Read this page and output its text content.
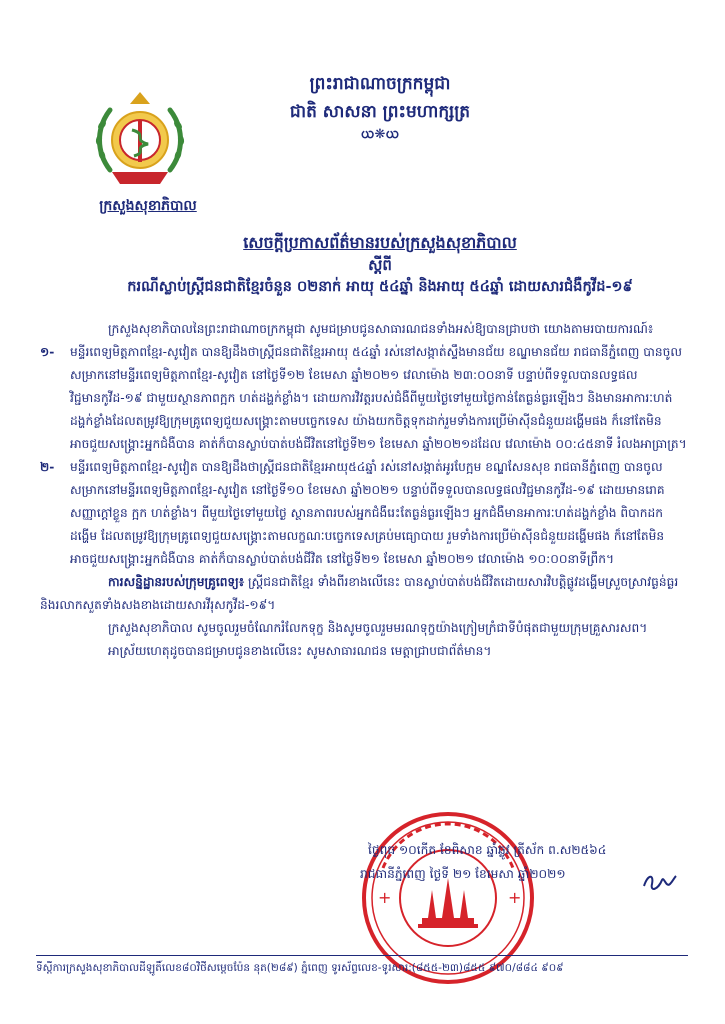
ក្រសួងសុខាភិបាល
ព្រះរាជាណាចក្រកម្ពុជា
ជាតិ សាសនា ព្រះមហាក្សត្រ
ᨿ❋ᨿ
សេចក្តីប្រកាសព័ត៌មានរបស់ក្រសួងសុខាភិបាល
ស្តីពី
ករណីស្លាប់ស្ត្រីជនជាតិខ្មែរចំនួន ០២នាក់ អាយុ ៥៤ឆ្នាំ និងអាយុ ៥៤ឆ្នាំ ដោយសារជំងឺកូវីដ-១៩

ក្រសួងសុខាភិបាលនៃព្រះរាជាណាចក្រកម្ពុជា សូមជម្រាបជូនសាធារណជនទាំងអស់ឱ្យបានជ្រាបថា យោងតាមរបាយការណ៍៖

១-	មន្ទីរពេទ្យមិត្តភាពខ្មែរ-សូវៀត បានឱ្យដឹងថាស្ត្រីជនជាតិខ្មែរអាយុ ៥៤ឆ្នាំ រស់នៅសង្កាត់ស្ទឹងមានជ័យ ខណ្ឌមានជ័យ រាជធានីភ្នំពេញ បានចូលសម្រាកនៅមន្ទីរពេទ្យមិត្តភាពខ្មែរ-សូវៀត នៅថ្ងៃទី១២ ខែមេសា ឆ្នាំ២០២១ វេលាម៉ោង ២៣:០០នាទី បន្ទាប់ពីទទួលបានលទ្ធផលវិជ្ជមានកូវីដ-១៩ ជាមួយស្ថានភាពក្អក ហត់ដង្ហក់ខ្លាំង។ ដោយការវិវត្តរបស់ជំងឺពីមួយថ្ងៃទៅមួយថ្ងៃកាន់តែធ្ងន់ធ្ងរឡើងៗ និងមានអាការៈហត់ដង្ហក់ខ្លាំងដែលតម្រូវឱ្យក្រុមគ្រូពេទ្យជួយសង្គ្រោះតាមបច្ចេកទេស យ៉ាងយកចិត្តទុកដាក់រួមទាំងការប្រើម៉ាស៊ីនជំនួយដង្ហើមផង ក៏នៅតែមិនអាចជួយសង្គ្រោះអ្នកជំងឺបាន គាត់ក៏បានស្លាប់បាត់បង់ជីវិតនៅថ្ងៃទី២១ ខែមេសា ឆ្នាំ២០២១ដដែល វេលាម៉ោង ០០:៤៥នាទី រំលងអាធ្រាត្រ។
២-	មន្ទីរពេទ្យមិត្តភាពខ្មែរ-សូវៀត បានឱ្យដឹងថាស្ត្រីជនជាតិខ្មែរអាយុ៥៤ឆ្នាំ រស់នៅសង្កាត់អូរបែក្អម ខណ្ឌសែនសុខ រាជធានីភ្នំពេញ បានចូលសម្រាកនៅមន្ទីរពេទ្យមិត្តភាពខ្មែរ-សូវៀត នៅថ្ងៃទី១០ ខែមេសា ឆ្នាំ២០២១ បន្ទាប់ពីទទួលបានលទ្ធផលវិជ្ជមានកូវីដ-១៩ ដោយមានរោគសញ្ញាក្តៅខ្លួន ក្អក ហត់ខ្លាំង។ ពីមួយថ្ងៃទៅមួយថ្ងៃ ស្ថានភាពរបស់អ្នកជំងឺរេះតែធ្ងន់ធ្ងរឡើងៗ អ្នកជំងឺមានអាការៈហត់ដង្ហក់ខ្លាំង ពិបាកដកដង្ហើម ដែលតម្រូវឱ្យក្រុមគ្រូពេទ្យជួយសង្គ្រោះតាមលក្ខណៈបច្ចេកទេសគ្រប់មធ្យោបាយ រួមទាំងការប្រើម៉ាស៊ីនជំនួយដង្ហើមផង ក៏នៅតែមិនអាចជួយសង្គ្រោះអ្នកជំងឺបាន គាត់ក៏បានស្លាប់បាត់បង់ជីវិត នៅថ្ងៃទី២១ ខែមេសា ឆ្នាំ២០២១ វេលាម៉ោង ១០:០០នាទីព្រឹក។

ការសន្និដ្ឋានរបស់ក្រុមគ្រូពេទ្យ៖ ស្ត្រីជនជាតិខ្មែរ ទាំងពីរខាងលើនេះ បានស្លាប់បាត់បង់ជីវិតដោយសារវិបត្តិផ្លូវដង្ហើមស្រួចស្រាវធ្ងន់ធ្ងរ និងរលាកសួតទាំងសងខាងដោយសារវីរុសកូវីដ-១៩។

ក្រសួងសុខាភិបាល សូមចូលរួមចំណែករំលែកទុក្ខ និងសូមចូលរួមមរណទុក្ខយ៉ាងក្រៀមក្រំជាទីបំផុតជាមួយក្រុមគ្រួសារសព។

អាស្រ័យហេតុដូចបានជម្រាបជូនខាងលើនេះ សូមសាធារណជន មេត្តាជ្រាបជាព័ត៌មាន។

+	+
ថ្ងៃពុធ ១០កើត ខែពិសាខ ឆ្នាំឆ្លូវ ត្រីស័ក ព.ស២៥៦៤
រាជធានីភ្នំពេញ ថ្ងៃទី ២១ ខែមេសា ឆ្នាំ២០២១
ទីស្តីការក្រសួងសុខាភិបាលដីឡូតិ៍លេខ៨០វិថីសម្តេចប៉ែន នុត(២៨៩) ភ្នំពេញ ទូរស័ព្ទលេខ-ទូរសារ:(៨៥៥-២៣)៨៥៥ ៩៧០/៨៨៤ ៩០៩
